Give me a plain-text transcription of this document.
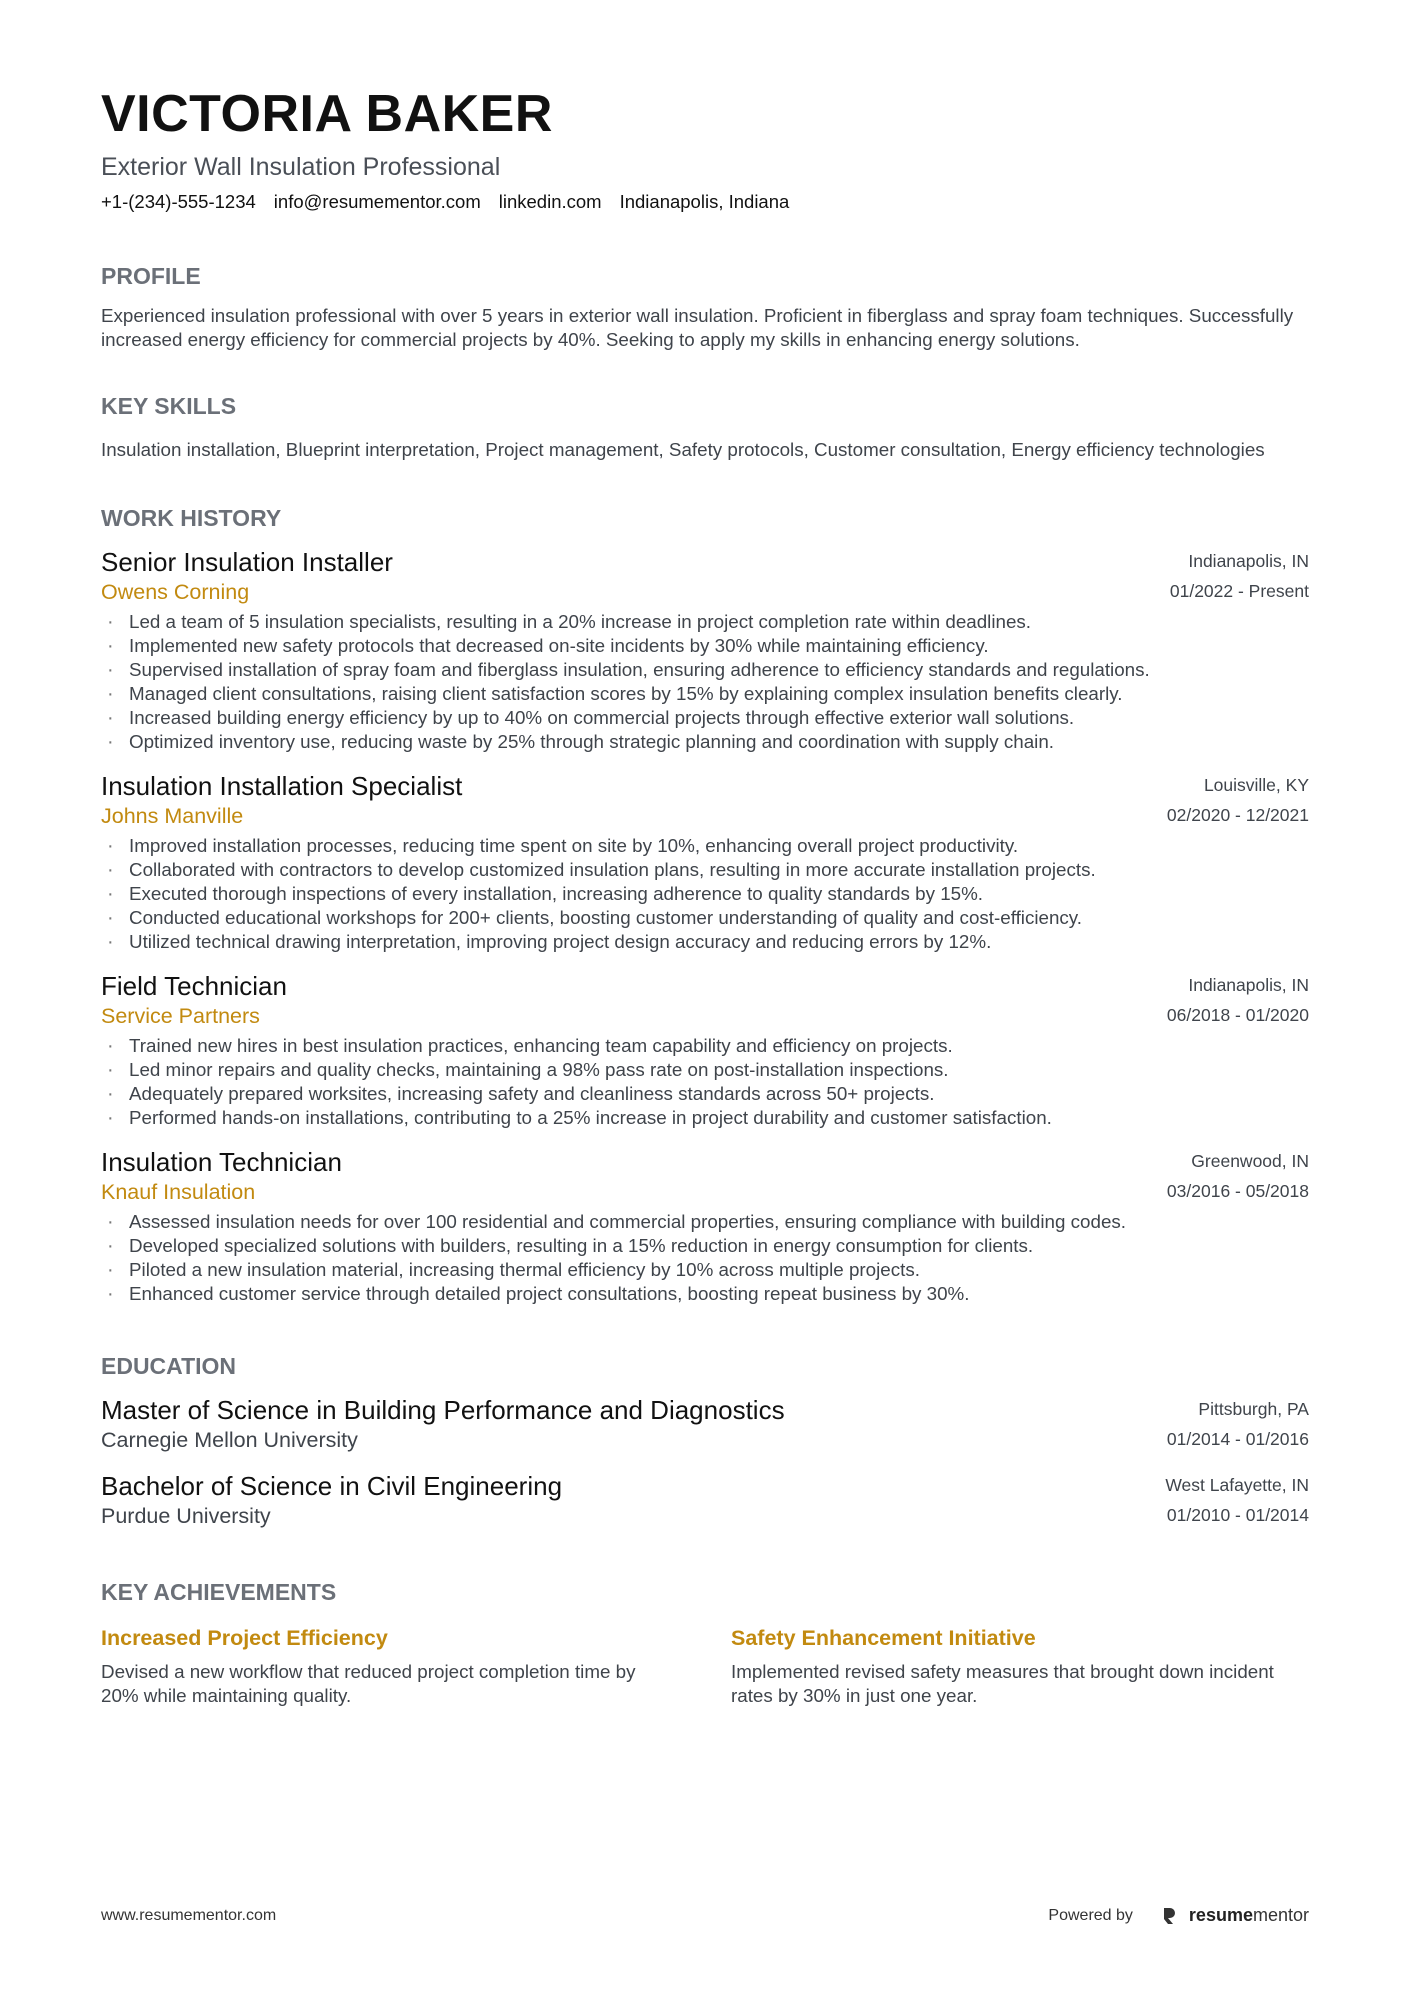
VICTORIA BAKER
Exterior Wall Insulation Professional
+1-(234)-555-1234 info@resumementor.com linkedin.com Indianapolis, Indiana
PROFILE
Experienced insulation professional with over 5 years in exterior wall insulation. Proficient in fiberglass and spray foam techniques. Successfully increased energy efficiency for commercial projects by 40%. Seeking to apply my skills in enhancing energy solutions.
KEY SKILLS
Insulation installation, Blueprint interpretation, Project management, Safety protocols, Customer consultation, Energy efficiency technologies
WORK HISTORY
Senior Insulation Installer
Owens Corning
Indianapolis, IN
01/2022 - Present
· Led a team of 5 insulation specialists, resulting in a 20% increase in project completion rate within deadlines.
· Implemented new safety protocols that decreased on-site incidents by 30% while maintaining efficiency.
· Supervised installation of spray foam and fiberglass insulation, ensuring adherence to efficiency standards and regulations.
· Managed client consultations, raising client satisfaction scores by 15% by explaining complex insulation benefits clearly.
· Increased building energy efficiency by up to 40% on commercial projects through effective exterior wall solutions.
· Optimized inventory use, reducing waste by 25% through strategic planning and coordination with supply chain.
Insulation Installation Specialist
Johns Manville
Louisville, KY
02/2020 - 12/2021
· Improved installation processes, reducing time spent on site by 10%, enhancing overall project productivity.
· Collaborated with contractors to develop customized insulation plans, resulting in more accurate installation projects.
· Executed thorough inspections of every installation, increasing adherence to quality standards by 15%.
· Conducted educational workshops for 200+ clients, boosting customer understanding of quality and cost-efficiency.
· Utilized technical drawing interpretation, improving project design accuracy and reducing errors by 12%.
Field Technician
Service Partners
Indianapolis, IN
06/2018 - 01/2020
· Trained new hires in best insulation practices, enhancing team capability and efficiency on projects.
· Led minor repairs and quality checks, maintaining a 98% pass rate on post-installation inspections.
· Adequately prepared worksites, increasing safety and cleanliness standards across 50+ projects.
· Performed hands-on installations, contributing to a 25% increase in project durability and customer satisfaction.
Insulation Technician
Knauf Insulation
Greenwood, IN
03/2016 - 05/2018
· Assessed insulation needs for over 100 residential and commercial properties, ensuring compliance with building codes.
· Developed specialized solutions with builders, resulting in a 15% reduction in energy consumption for clients.
· Piloted a new insulation material, increasing thermal efficiency by 10% across multiple projects.
· Enhanced customer service through detailed project consultations, boosting repeat business by 30%.
EDUCATION
Master of Science in Building Performance and Diagnostics
Carnegie Mellon University
Pittsburgh, PA
01/2014 - 01/2016
Bachelor of Science in Civil Engineering
Purdue University
West Lafayette, IN
01/2010 - 01/2014
KEY ACHIEVEMENTS
Increased Project Efficiency
Devised a new workflow that reduced project completion time by 20% while maintaining quality.
Safety Enhancement Initiative
Implemented revised safety measures that brought down incident rates by 30% in just one year.
www.resumementor.com	Powered by	resumementor
